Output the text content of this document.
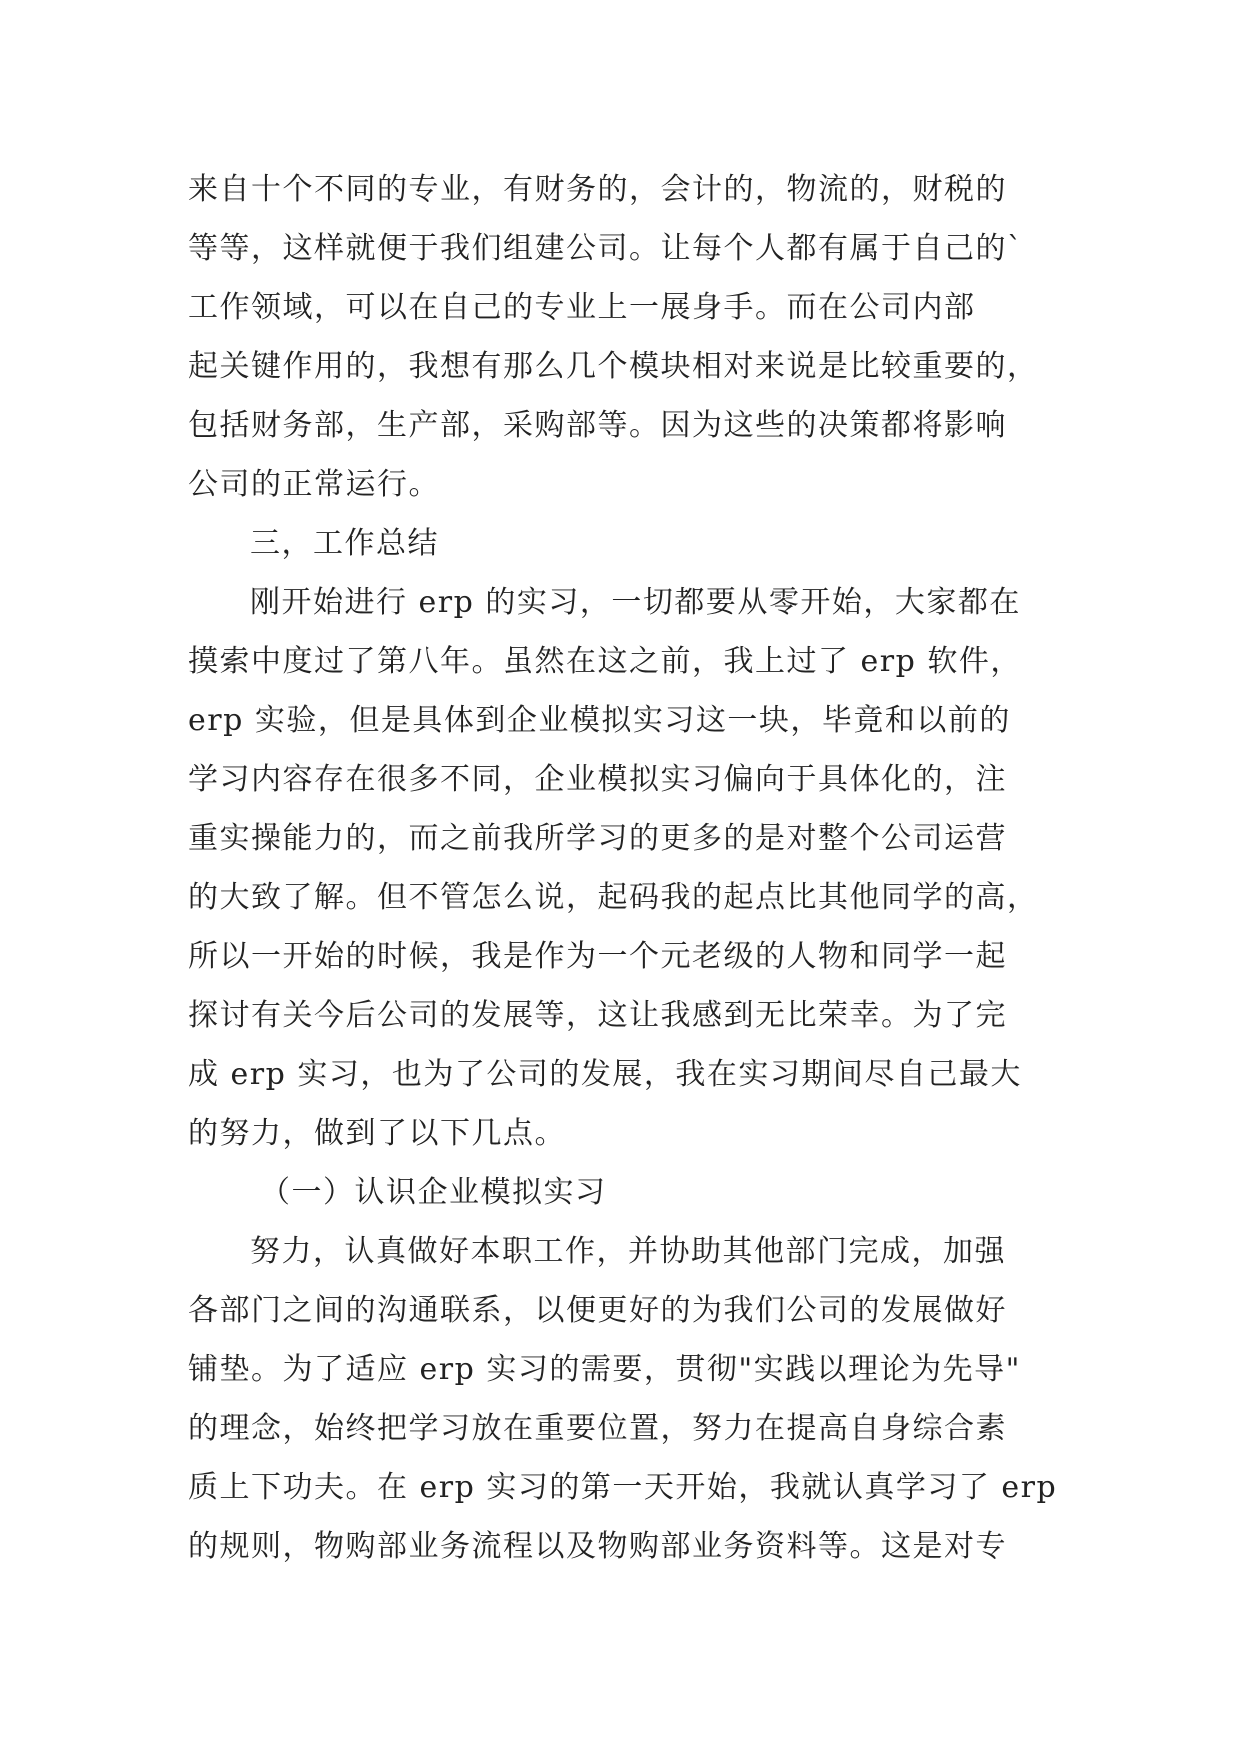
来自十个不同的专业，有财务的，会计的，物流的，财税的
等等，这样就便于我们组建公司。让每个人都有属于自己的`
工作领域，可以在自己的专业上一展身手。而在公司内部
起关键作用的，我想有那么几个模块相对来说是比较重要的，
包括财务部，生产部，采购部等。因为这些的决策都将影响
公司的正常运行。
三，工作总结
刚开始进行 erp 的实习，一切都要从零开始，大家都在
摸索中度过了第八年。虽然在这之前，我上过了 erp 软件，
erp 实验，但是具体到企业模拟实习这一块，毕竟和以前的
学习内容存在很多不同，企业模拟实习偏向于具体化的，注
重实操能力的，而之前我所学习的更多的是对整个公司运营
的大致了解。但不管怎么说，起码我的起点比其他同学的高，
所以一开始的时候，我是作为一个元老级的人物和同学一起
探讨有关今后公司的发展等，这让我感到无比荣幸。为了完
成 erp 实习，也为了公司的发展，我在实习期间尽自己最大
的努力，做到了以下几点。
（一）认识企业模拟实习
努力，认真做好本职工作，并协助其他部门完成，加强
各部门之间的沟通联系，以便更好的为我们公司的发展做好
铺垫。为了适应 erp 实习的需要，贯彻"实践以理论为先导"
的理念，始终把学习放在重要位置，努力在提高自身综合素
质上下功夫。在 erp 实习的第一天开始，我就认真学习了 erp
的规则，物购部业务流程以及物购部业务资料等。这是对专
